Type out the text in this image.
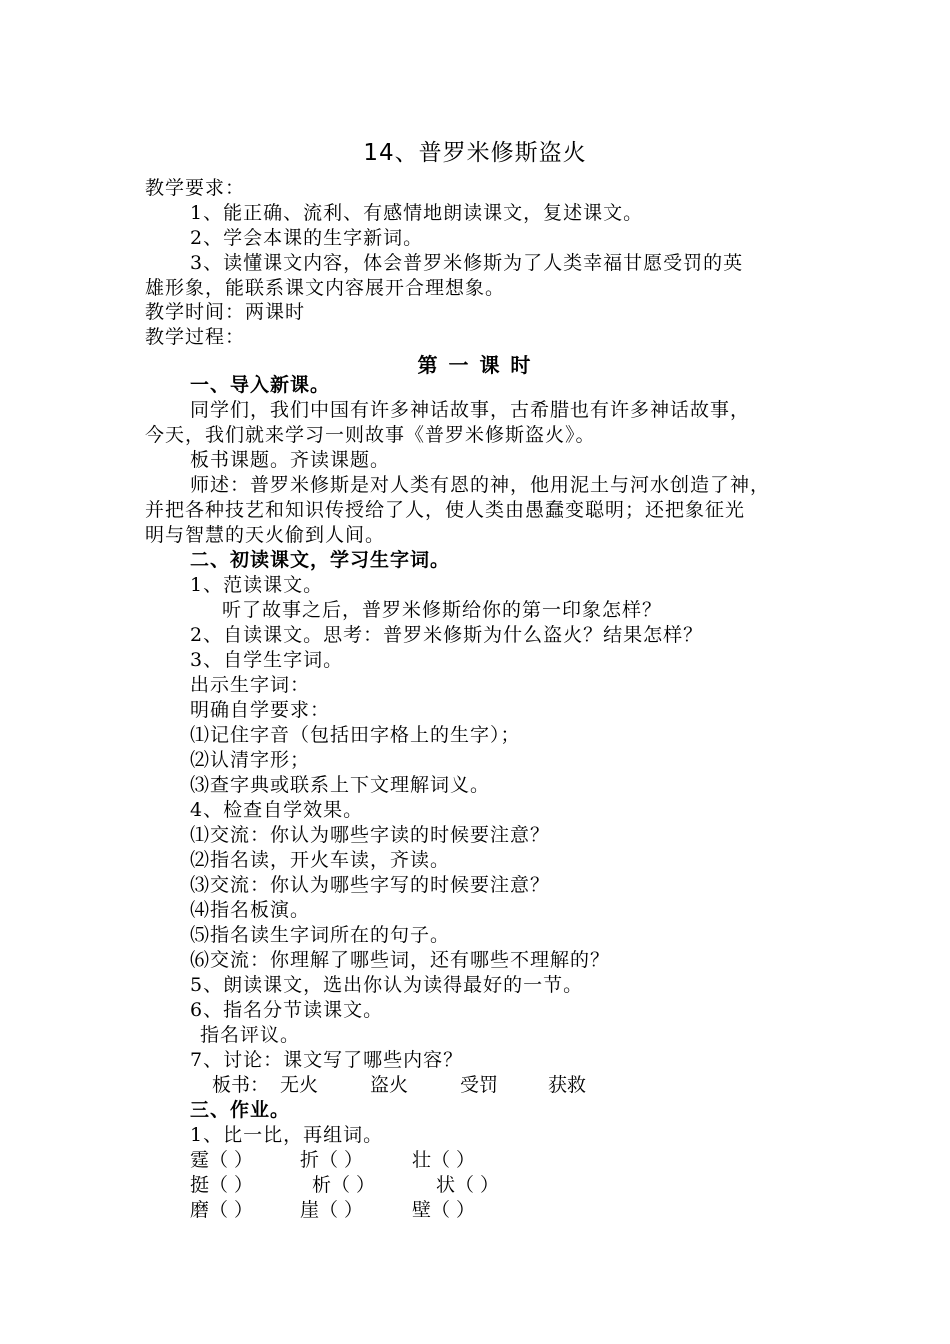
14、普罗米修斯盗火
教学要求：
1、能正确、流利、有感情地朗读课文，复述课文。
2、学会本课的生字新词。
3、读懂课文内容，体会普罗米修斯为了人类幸福甘愿受罚的英
雄形象，能联系课文内容展开合理想象。
教学时间：两课时
教学过程：
第 一 课 时
一、导入新课。
同学们，我们中国有许多神话故事，古希腊也有许多神话故事，
今天，我们就来学习一则故事《普罗米修斯盗火》。
板书课题。齐读课题。
师述：普罗米修斯是对人类有恩的神，他用泥土与河水创造了神，
并把各种技艺和知识传授给了人，使人类由愚蠢变聪明；还把象征光
明与智慧的天火偷到人间。
二、初读课文，学习生字词。
1、范读课文。
听了故事之后，普罗米修斯给你的第一印象怎样？
2、自读课文。思考：普罗米修斯为什么盗火？结果怎样？
3、自学生字词。
出示生字词：
明确自学要求：
⑴记住字音（包括田字格上的生字）；
⑵认清字形；
⑶查字典或联系上下文理解词义。
4、检查自学效果。
⑴交流：你认为哪些字读的时候要注意？
⑵指名读，开火车读，齐读。
⑶交流：你认为哪些字写的时候要注意？
⑷指名板演。
⑸指名读生字词所在的句子。
⑹交流：你理解了哪些词，还有哪些不理解的？
5、朗读课文，选出你认为读得最好的一节。
6、指名分节读课文。
指名评议。
7、讨论：课文写了哪些内容？
板书： 无火	盗火	受罚	获救
三、作业。
1、比一比，再组词。
霆（ ） 折（ ）	壮（ ）
挺（ ）	析（ ）	状（ ）
磨（ ） 崖（ ）	壁（ ）
